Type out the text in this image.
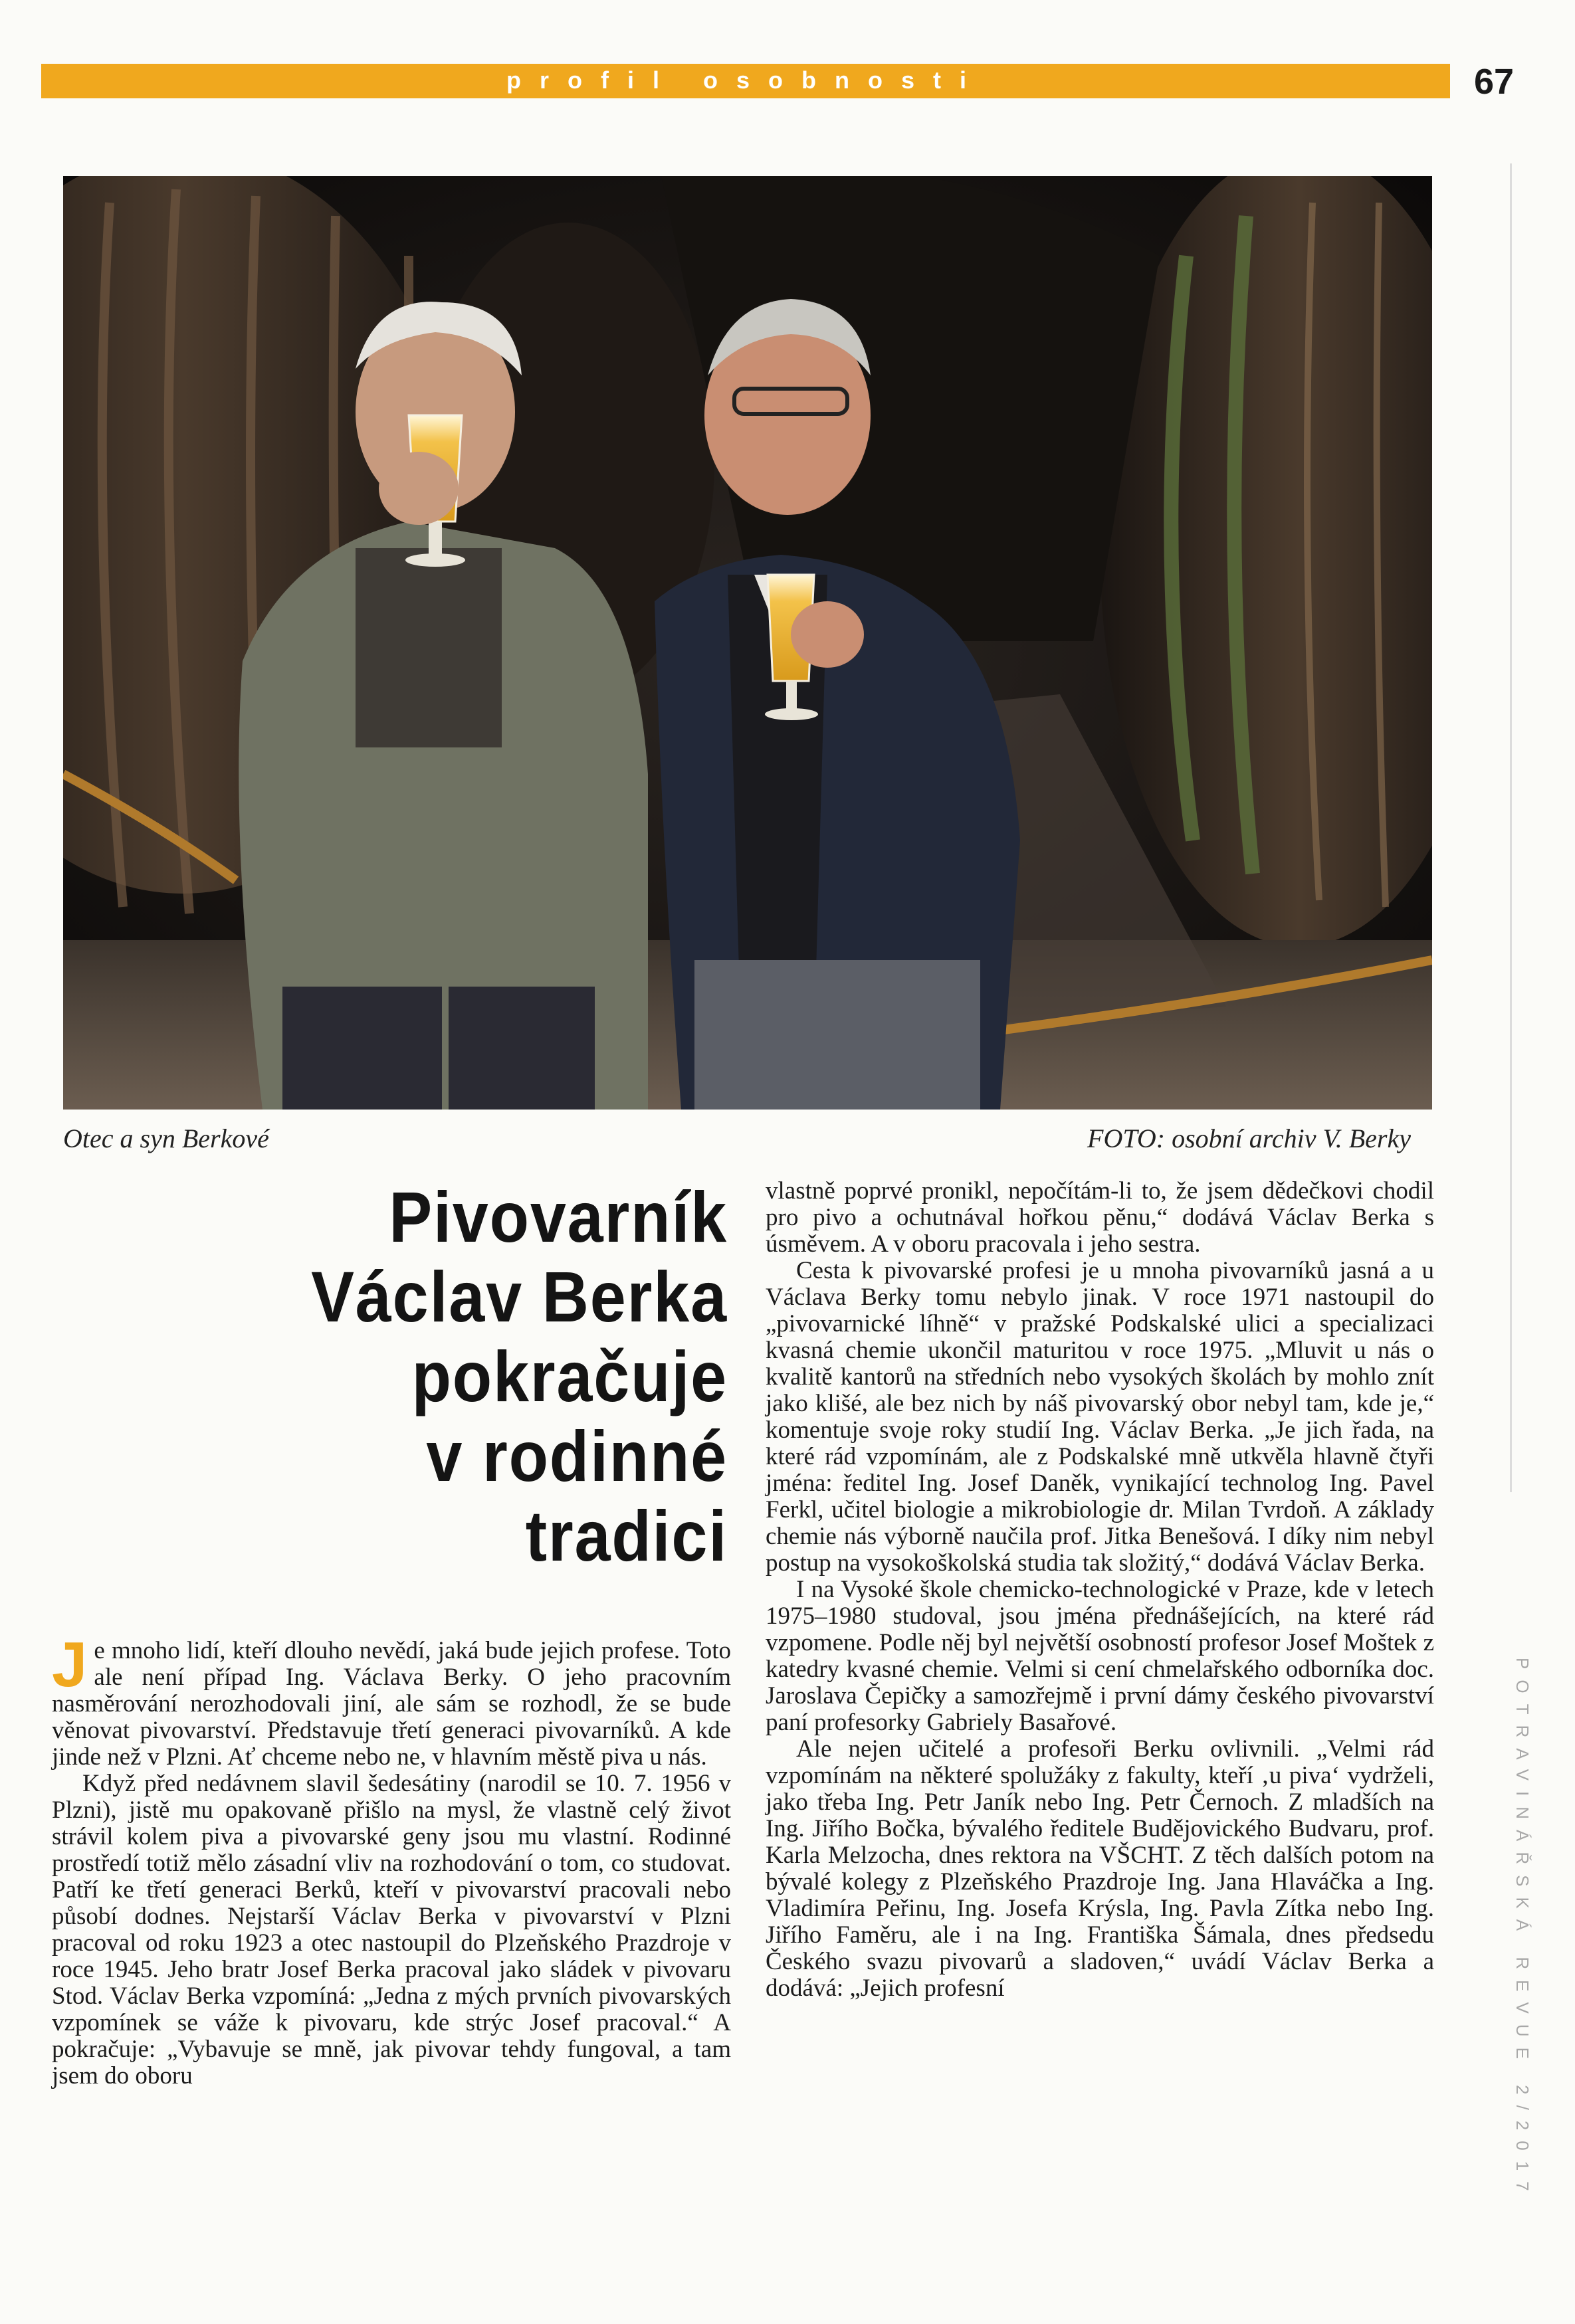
profil osobnosti	67
Otec a syn Berkové	FOTO: osobní archiv V. Berky
Pivovarník
Václav Berka
pokračuje
v rodinné
tradici

Je mnoho lidí, kteří dlouho nevědí, jaká bude jejich profese. Toto ale není případ Ing. Václava Berky. O jeho pracovním nasměrování nerozhodovali jiní, ale sám se rozhodl, že se bude věnovat pivovarství. Představuje třetí generaci pivovarníků. A kde jinde než v Plzni. Ať chceme nebo ne, v hlavním městě piva u nás.

Když před nedávnem slavil šedesátiny (narodil se 10. 7. 1956 v Plzni), jistě mu opakovaně přišlo na mysl, že vlastně celý život strávil kolem piva a pivovarské geny jsou mu vlastní. Rodinné prostředí totiž mělo zásadní vliv na rozhodování o tom, co studovat. Patří ke třetí generaci Berků, kteří v pivovarství pracovali nebo působí dodnes. Nejstarší Václav Berka v pivovarství v Plzni pracoval od roku 1923 a otec nastoupil do Plzeňského Prazdroje v roce 1945. Jeho bratr Josef Berka pracoval jako sládek v pivovaru Stod. Václav Berka vzpomíná: „Jedna z mých prvních pivovarských vzpomínek se váže k pivovaru, kde strýc Josef pracoval.“ A pokračuje: „Vybavuje se mně, jak pivovar tehdy fungoval, a tam jsem do oboru

vlastně poprvé pronikl, nepočítám-li to, že jsem dědečkovi chodil pro pivo a ochutnával hořkou pěnu,“ dodává Václav Berka s úsměvem. A v oboru pracovala i jeho sestra.

Cesta k pivovarské profesi je u mnoha pivovarníků jasná a u Václava Berky tomu nebylo jinak. V roce 1971 nastoupil do „pivovarnické líhně“ v pražské Podskalské ulici a specializaci kvasná chemie ukončil maturitou v roce 1975. „Mluvit u nás o kvalitě kantorů na středních nebo vysokých školách by mohlo znít jako klišé, ale bez nich by náš pivovarský obor nebyl tam, kde je,“ komentuje svoje roky studií Ing. Václav Berka. „Je jich řada, na které rád vzpomínám, ale z Podskalské mně utkvěla hlavně čtyři jména: ředitel Ing. Josef Daněk, vynikající technolog Ing. Pavel Ferkl, učitel biologie a mikrobiologie dr. Milan Tvrdoň. A základy chemie nás výborně naučila prof. Jitka Benešová. I díky nim nebyl postup na vysokoškolská studia tak složitý,“ dodává Václav Berka.

I na Vysoké škole chemicko-technologické v Praze, kde v letech 1975–1980 studoval, jsou jména přednášejících, na které rád vzpomene. Podle něj byl největší osobností profesor Josef Moštek z katedry kvasné chemie. Velmi si cení chmelařského odborníka doc. Jaroslava Čepičky a samozřejmě i první dámy českého pivovarství paní profesorky Gabriely Basařové.

Ale nejen učitelé a profesoři Berku ovlivnili. „Velmi rád vzpomínám na některé spolužáky z fakulty, kteří ‚u piva‘ vydrželi, jako třeba Ing. Petr Janík nebo Ing. Petr Černoch. Z mladších na Ing. Jiřího Bočka, bývalého ředitele Budějovického Budvaru, prof. Karla Melzocha, dnes rektora na VŠCHT. Z těch dalších potom na bývalé kolegy z Plzeňského Prazdroje Ing. Jana Hlaváčka a Ing. Vladimíra Peřinu, Ing. Josefa Krýsla, Ing. Pavla Zítka nebo Ing. Jiřího Faměru, ale i na Ing. Františka Šámala, dnes předsedu Českého svazu pivovarů a sladoven,“ uvádí Václav Berka a dodává: „Jejich profesní	POTRAVINÁŘSKÁ REVUE 2/2017
